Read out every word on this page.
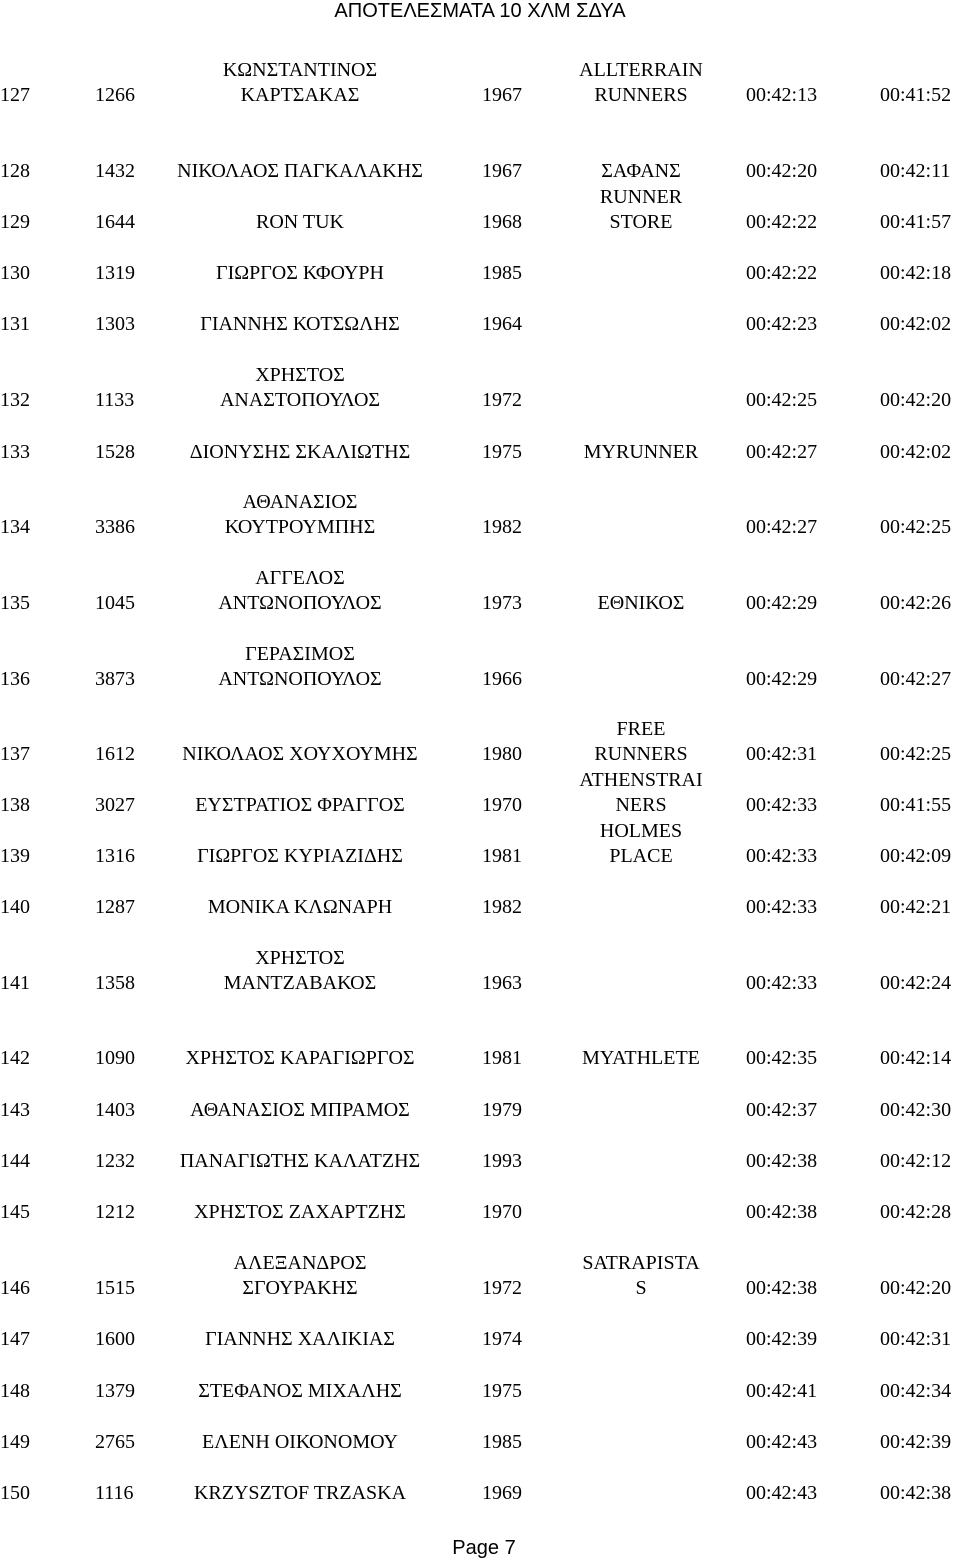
ΑΠΟΤΕΛΕΣΜΑΤΑ 10 ΧΛΜ ΣΔΥΑ
127	1266
ΚΩΝΣΤΑΝΤΙΝΟΣ
ΚΑΡΤΣΑΚΑΣ	1967
ALLTERRAIN
RUNNERS	00:42:13	00:41:52
128	1432	ΝΙΚΟΛΑΟΣ ΠΑΓΚΑΛΑΚΗΣ	1967	ΣΑΦΑΝΣ	00:42:20	00:42:11
129	1644	RON TUK	1968
RUNNER
STORE	00:42:22	00:41:57
130	1319	ΓΙΩΡΓΟΣ ΚΦΟΥΡΗ	1985	00:42:22	00:42:18
131	1303	ΓΙΑΝΝΗΣ ΚΟΤΣΩΛΗΣ	1964	00:42:23	00:42:02
132	1133
ΧΡΗΣΤΟΣ
ΑΝΑΣΤΟΠΟΥΛΟΣ	1972	00:42:25	00:42:20
133	1528	ΔΙΟΝΥΣΗΣ ΣΚΑΛΙΩΤΗΣ	1975	MYRUNNER	00:42:27	00:42:02
134	3386
ΑΘΑΝΑΣΙΟΣ
ΚΟΥΤΡΟΥΜΠΗΣ	1982	00:42:27	00:42:25
135	1045
ΑΓΓΕΛΟΣ
ΑΝΤΩΝΟΠΟΥΛΟΣ	1973	ΕΘΝΙΚΟΣ	00:42:29	00:42:26
136	3873
ΓΕΡΑΣΙΜΟΣ
ΑΝΤΩΝΟΠΟΥΛΟΣ	1966	00:42:29	00:42:27
137	1612	ΝΙΚΟΛΑΟΣ ΧΟΥΧΟΥΜΗΣ	1980
FREE
RUNNERS	00:42:31	00:42:25
138	3027	ΕΥΣΤΡΑΤΙΟΣ ΦΡΑΓΓΟΣ	1970
ATHENSTRAI
NERS	00:42:33	00:41:55
139	1316	ΓΙΩΡΓΟΣ ΚΥΡΙΑΖΙΔΗΣ	1981
HOLMES
PLACE	00:42:33	00:42:09
140	1287	ΜΟΝΙΚΑ ΚΛΩΝΑΡΗ	1982	00:42:33	00:42:21
141	1358
ΧΡΗΣΤΟΣ
ΜΑΝΤΖΑΒΑΚΟΣ	1963	00:42:33	00:42:24
142	1090	ΧΡΗΣΤΟΣ ΚΑΡΑΓΙΩΡΓΟΣ	1981	MYATHLETE	00:42:35	00:42:14
143	1403	ΑΘΑΝΑΣΙΟΣ ΜΠΡΑΜΟΣ	1979	00:42:37	00:42:30
144	1232	ΠΑΝΑΓΙΩΤΗΣ ΚΑΛΑΤΖΗΣ	1993	00:42:38	00:42:12
145	1212	ΧΡΗΣΤΟΣ ΖΑΧΑΡΤΖΗΣ	1970	00:42:38	00:42:28
146	1515
ΑΛΕΞΑΝΔΡΟΣ
ΣΓΟΥΡΑΚΗΣ	1972
SATRAPISTA
S	00:42:38	00:42:20
147	1600	ΓΙΑΝΝΗΣ ΧΑΛΙΚΙΑΣ	1974	00:42:39	00:42:31
148	1379	ΣΤΕΦΑΝΟΣ ΜΙΧΑΛΗΣ	1975	00:42:41	00:42:34
149	2765	ΕΛΕΝΗ ΟΙΚΟΝΟΜΟΥ	1985	00:42:43	00:42:39
150	1116	KRZYSZTOF TRZASKA	1969	00:42:43	00:42:38
Page 7
